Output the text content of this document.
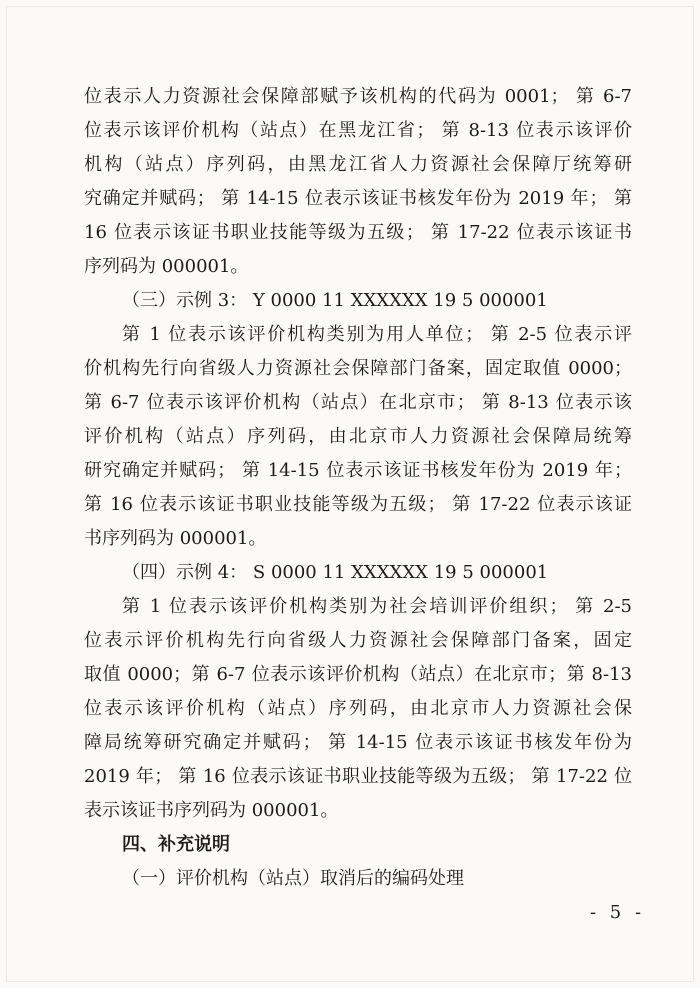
位表示人力资源社会保障部赋予该机构的代码为 0001； 第 6-7
位表示该评价机构（站点）在黑龙江省； 第 8-13 位表示该评价
机构（站点）序列码，由黑龙江省人力资源社会保障厅统筹研
究确定并赋码； 第 14-15 位表示该证书核发年份为 2019 年； 第
16 位表示该证书职业技能等级为五级； 第 17-22 位表示该证书
序列码为 000001。
（三）示例 3： Y 0000 11 XXXXXX 19 5 000001
第 1 位表示该评价机构类别为用人单位； 第 2-5 位表示评
价机构先行向省级人力资源社会保障部门备案，固定取值 0000；
第 6-7 位表示该评价机构（站点）在北京市； 第 8-13 位表示该
评价机构（站点）序列码，由北京市人力资源社会保障局统筹
研究确定并赋码； 第 14-15 位表示该证书核发年份为 2019 年；
第 16 位表示该证书职业技能等级为五级； 第 17-22 位表示该证
书序列码为 000001。
（四）示例 4： S 0000 11 XXXXXX 19 5 000001
第 1 位表示该评价机构类别为社会培训评价组织； 第 2-5
位表示评价机构先行向省级人力资源社会保障部门备案，固定
取值 0000；第 6-7 位表示该评价机构（站点）在北京市；第 8-13
位表示该评价机构（站点）序列码，由北京市人力资源社会保
障局统筹研究确定并赋码； 第 14-15 位表示该证书核发年份为
2019 年； 第 16 位表示该证书职业技能等级为五级； 第 17-22 位
表示该证书序列码为 000001。
四、补充说明
（一）评价机构（站点）取消后的编码处理
- 5 -
